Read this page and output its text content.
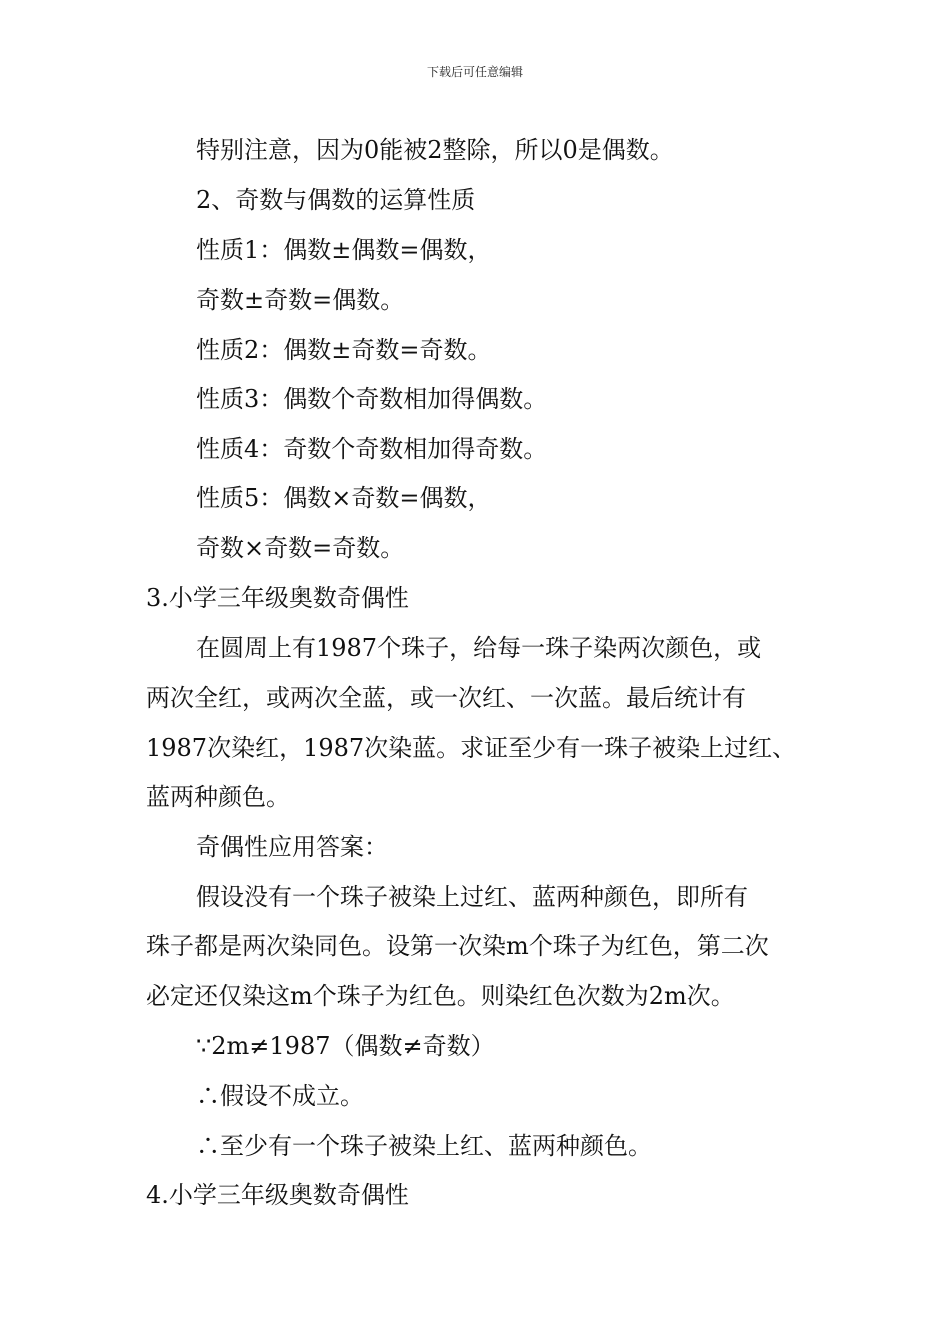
下载后可任意编辑
特别注意，因为0能被2整除，所以0是偶数。
2、奇数与偶数的运算性质
性质1：偶数±偶数=偶数，
奇数±奇数=偶数。
性质2：偶数±奇数=奇数。
性质3：偶数个奇数相加得偶数。
性质4：奇数个奇数相加得奇数。
性质5：偶数×奇数=偶数，
奇数×奇数=奇数。
3.小学三年级奥数奇偶性
在圆周上有1987个珠子，给每一珠子染两次颜色，或
两次全红，或两次全蓝，或一次红、一次蓝。最后统计有
1987次染红，1987次染蓝。求证至少有一珠子被染上过红、
蓝两种颜色。
奇偶性应用答案：
假设没有一个珠子被染上过红、蓝两种颜色，即所有
珠子都是两次染同色。设第一次染m个珠子为红色，第二次
必定还仅染这m个珠子为红色。则染红色次数为2m次。
∵2m≠1987（偶数≠奇数）
∴假设不成立。
∴至少有一个珠子被染上红、蓝两种颜色。
4.小学三年级奥数奇偶性
